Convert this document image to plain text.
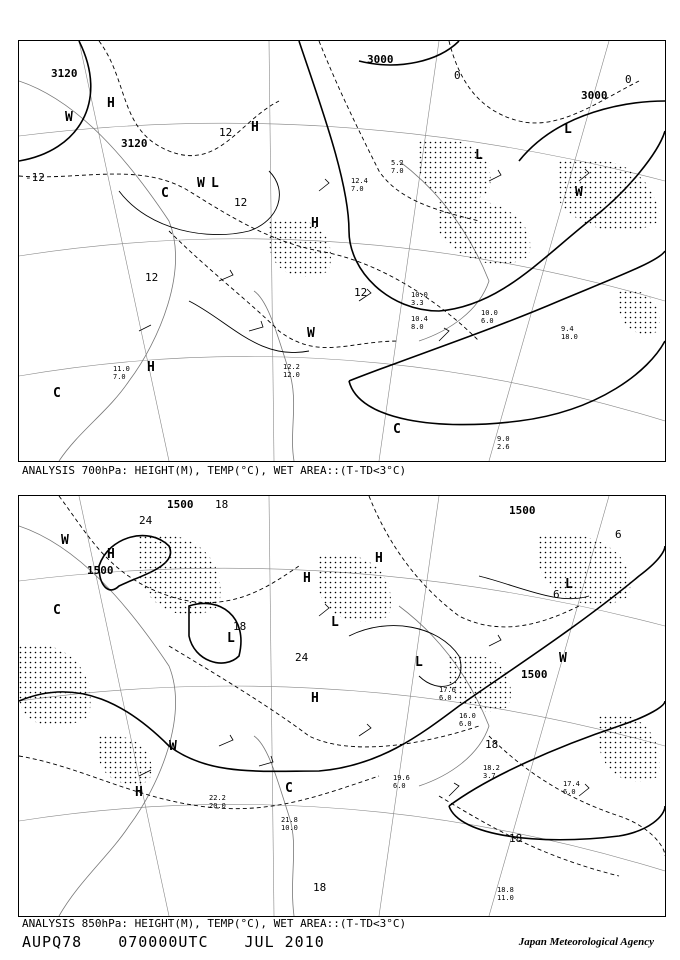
3120
3120
3000
3000
12
12
12
12
0	0
-12
H
H
H
H
L
L
L
C
C
C
W
W
W
W
10.0
6.0
9.4
18.0
9.0
2.6
11.0
7.0
12.2
12.0
10.4
8.0
10.0
3.3
5.2
7.0
12.4
7.0
ANALYSIS 700hPa: HEIGHT(M), TEMP(°C), WET AREA::(T-TD<3°C)
1500
1500
1500
1500
24
24
18
18
18
18
18
6
6
H
H
H
H
H
L
L
L
L
W
W
W
C
C	17.4
6.0
18.2
3.7
18.8
11.0
19.6
6.0
21.8
10.0
22.2
20.0
16.0
6.0
17.6
6.0
ANALYSIS 850hPa: HEIGHT(M), TEMP(°C), WET AREA::(T-TD<3°C)
AUPQ78 070000UTC JUL 2010	Japan Meteorological Agency
